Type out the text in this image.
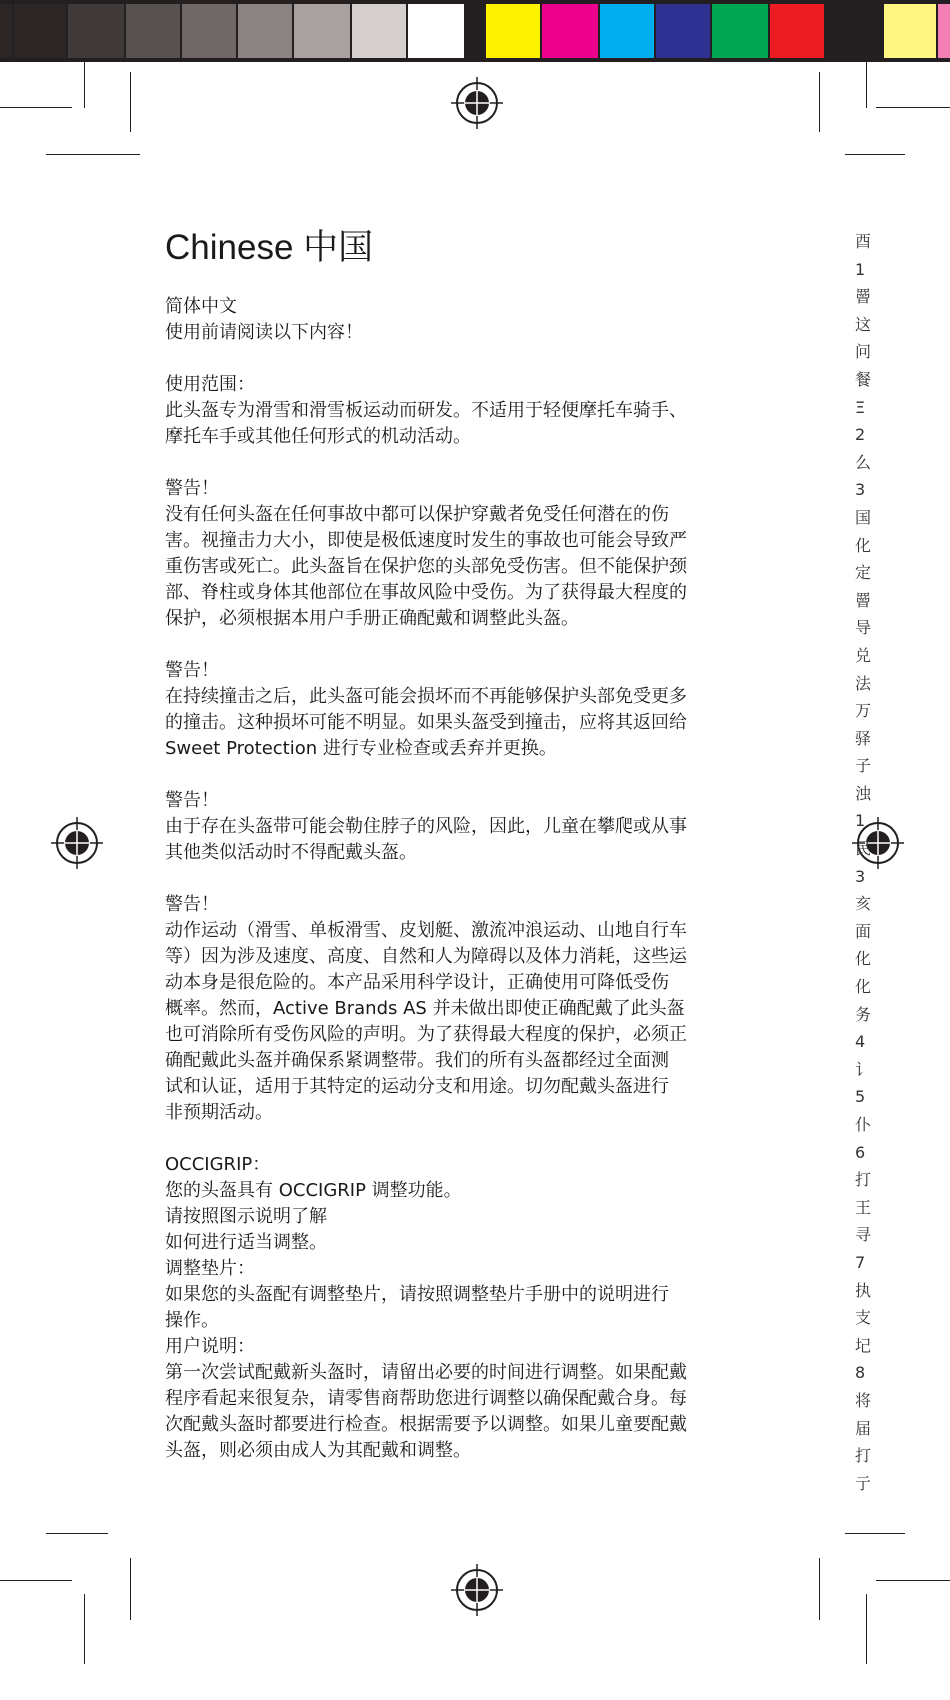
Chinese 中国
简体中文
使用前请阅读以下内容！
使用范围：
此头盔专为滑雪和滑雪板运动而研发。不适用于轻便摩托车骑手、
摩托车手或其他任何形式的机动活动。
警告！
没有任何头盔在任何事故中都可以保护穿戴者免受任何潜在的伤
害。视撞击力大小，即使是极低速度时发生的事故也可能会导致严
重伤害或死亡。此头盔旨在保护您的头部免受伤害。但不能保护颈
部、脊柱或身体其他部位在事故风险中受伤。为了获得最大程度的
保护，必须根据本用户手册正确配戴和调整此头盔。
警告！
在持续撞击之后，此头盔可能会损坏而不再能够保护头部免受更多
的撞击。这种损坏可能不明显。如果头盔受到撞击，应将其返回给
Sweet Protection 进行专业检查或丢弃并更换。
警告！
由于存在头盔带可能会勒住脖子的风险，因此，儿童在攀爬或从事
其他类似活动时不得配戴头盔。
警告！
动作运动（滑雪、单板滑雪、皮划艇、激流冲浪运动、山地自行车
等）因为涉及速度、高度、自然和人为障碍以及体力消耗，这些运
动本身是很危险的。本产品采用科学设计，正确使用可降低受伤
概率。然而，Active Brands AS 并未做出即使正确配戴了此头盔
也可消除所有受伤风险的声明。为了获得最大程度的保护，必须正
确配戴此头盔并确保系紧调整带。我们的所有头盔都经过全面测
试和认证，适用于其特定的运动分支和用途。切勿配戴头盔进行
非预期活动。
OCCIGRIP：
您的头盔具有 OCCIGRIP 调整功能。
请按照图示说明了解
如何进行适当调整。
调整垫片：
如果您的头盔配有调整垫片，请按照调整垫片手册中的说明进行
操作。
用户说明：
第一次尝试配戴新头盔时，请留出必要的时间进行调整。如果配戴
程序看起来很复杂，请零售商帮助您进行调整以确保配戴合身。每
次配戴头盔时都要进行检查。根据需要予以调整。如果儿童要配戴
头盔，则必须由成人为其配戴和调整。
酉
1
罾
这
问
餐
Ξ
2
么
3
国
化
定
罾
导
兑
法
万
驿
子
浊
1
民
3
亥
面
化
化
务
4
讠
5
仆
6
打
王
寻
7
执
支
圮
8
将
届
打
亍
